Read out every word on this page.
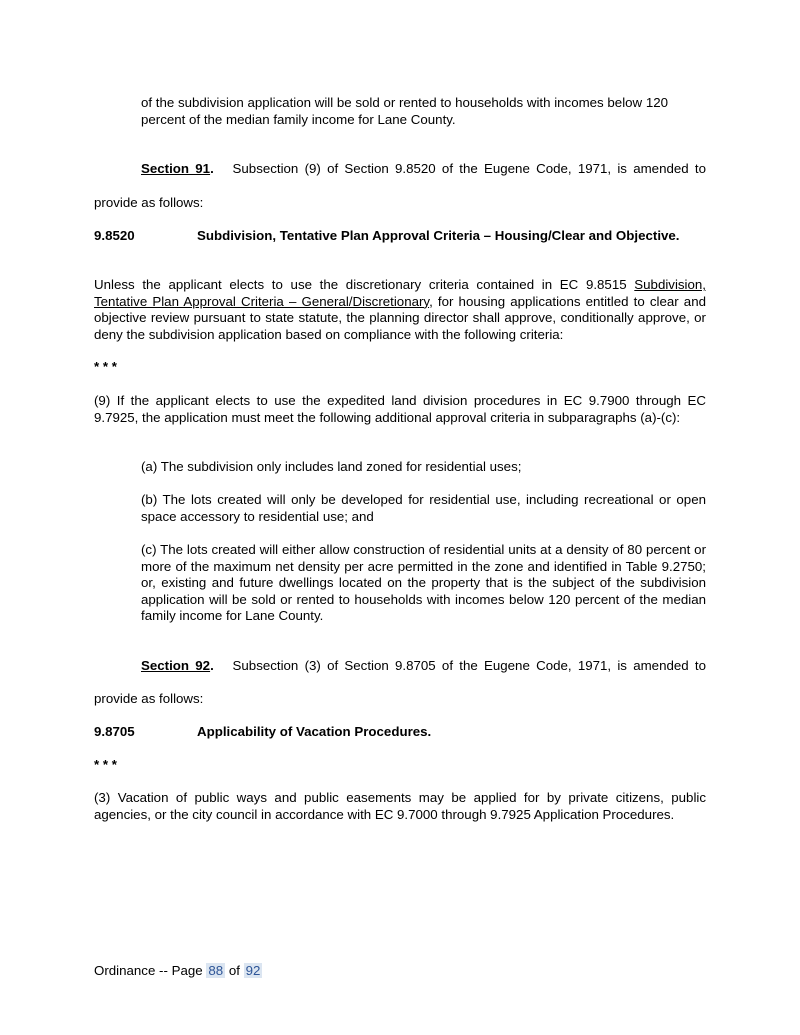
of the subdivision application will be sold or rented to households with incomes below 120 percent of the median family income for Lane County.

Section 91. Subsection (9) of Section 9.8520 of the Eugene Code, 1971, is amended to

provide as follows:

9.8520	Subdivision, Tentative Plan Approval Criteria – Housing/Clear and Objective.

Unless the applicant elects to use the discretionary criteria contained in EC 9.8515 Subdivision, Tentative Plan Approval Criteria – General/Discretionary, for housing applications entitled to clear and objective review pursuant to state statute, the planning director shall approve, conditionally approve, or deny the subdivision application based on compliance with the following criteria:

* * *

(9) If the applicant elects to use the expedited land division procedures in EC 9.7900 through EC 9.7925, the application must meet the following additional approval criteria in subparagraphs (a)-(c):

(a) The subdivision only includes land zoned for residential uses;

(b) The lots created will only be developed for residential use, including recreational or open space accessory to residential use; and

(c) The lots created will either allow construction of residential units at a density of 80 percent or more of the maximum net density per acre permitted in the zone and identified in Table 9.2750; or, existing and future dwellings located on the property that is the subject of the subdivision application will be sold or rented to households with incomes below 120 percent of the median family income for Lane County.

Section 92. Subsection (3) of Section 9.8705 of the Eugene Code, 1971, is amended to

provide as follows:

9.8705	Applicability of Vacation Procedures.

* * *

(3) Vacation of public ways and public easements may be applied for by private citizens, public agencies, or the city council in accordance with EC 9.7000 through 9.7925 Application Procedures.

Ordinance -- Page 88 of 92
